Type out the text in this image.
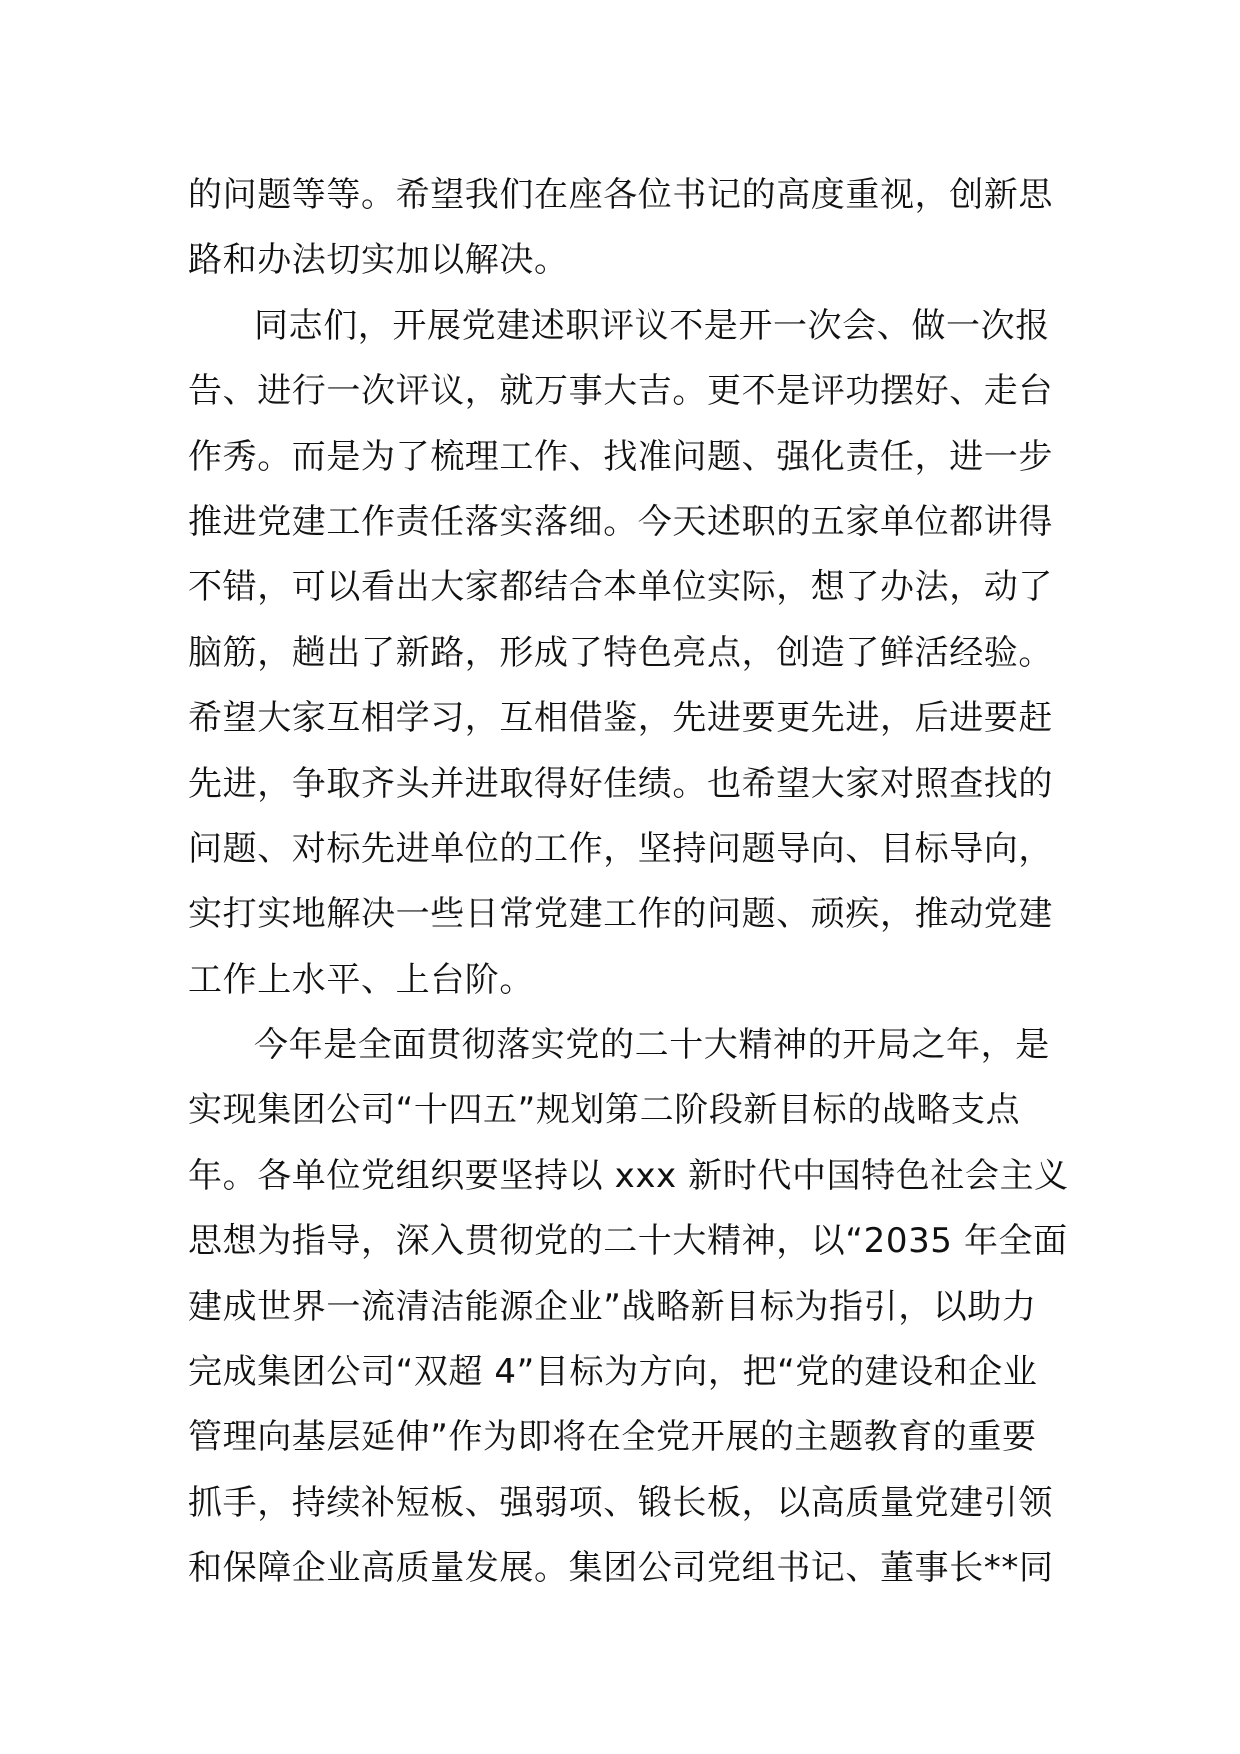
的问题等等。希望我们在座各位书记的高度重视，创新思
路和办法切实加以解决。
同志们，开展党建述职评议不是开一次会、做一次报
告、进行一次评议，就万事大吉。更不是评功摆好、走台
作秀。而是为了梳理工作、找准问题、强化责任，进一步
推进党建工作责任落实落细。今天述职的五家单位都讲得
不错，可以看出大家都结合本单位实际，想了办法，动了
脑筋，趟出了新路，形成了特色亮点，创造了鲜活经验。
希望大家互相学习，互相借鉴，先进要更先进，后进要赶
先进，争取齐头并进取得好佳绩。也希望大家对照查找的
问题、对标先进单位的工作，坚持问题导向、目标导向，
实打实地解决一些日常党建工作的问题、顽疾，推动党建
工作上水平、上台阶。
今年是全面贯彻落实党的二十大精神的开局之年，是
实现集团公司“十四五”规划第二阶段新目标的战略支点
年。各单位党组织要坚持以 xxx 新时代中国特色社会主义
思想为指导，深入贯彻党的二十大精神，以“2035 年全面
建成世界一流清洁能源企业”战略新目标为指引，以助力
完成集团公司“双超 4”目标为方向，把“党的建设和企业
管理向基层延伸”作为即将在全党开展的主题教育的重要
抓手，持续补短板、强弱项、锻长板，以高质量党建引领
和保障企业高质量发展。集团公司党组书记、董事长**同
